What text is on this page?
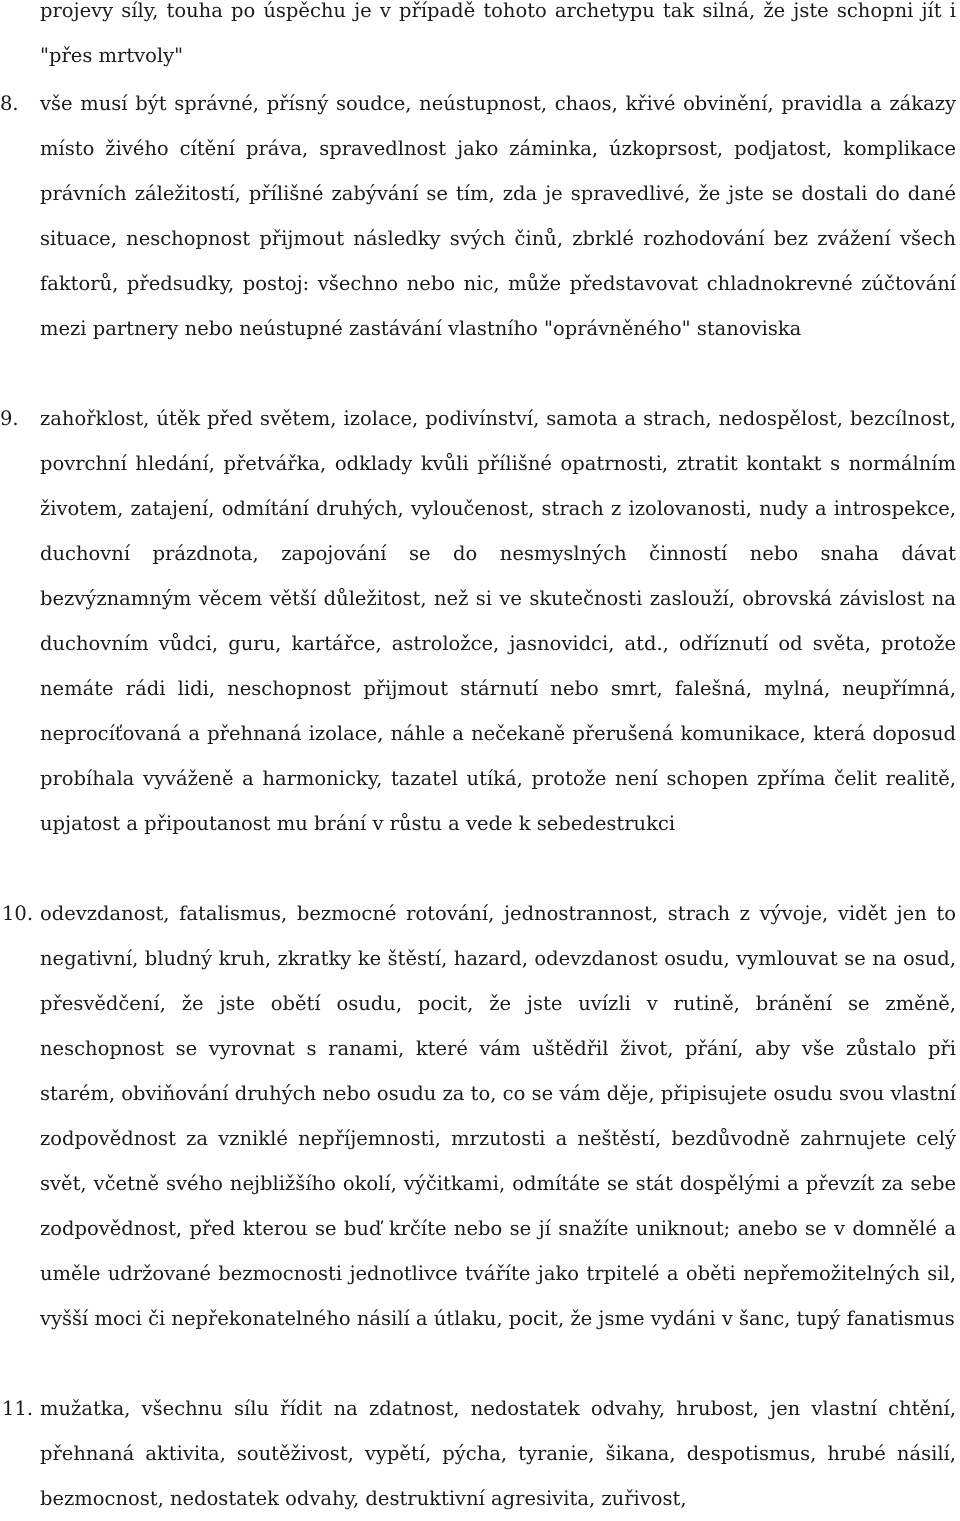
projevy síly, touha po úspěchu je v případě tohoto archetypu tak silná, že jste schopni jít i "přes mrtvoly"

8.	vše musí být správné, přísný soudce, neústupnost, chaos, křivé obvinění, pravidla a zákazy místo živého cítění práva, spravedlnost jako záminka, úzkoprsost, podjatost, komplikace právních záležitostí, přílišné zabývání se tím, zda je spravedlivé, že jste se dostali do dané situace, neschopnost přijmout následky svých činů, zbrklé rozhodování bez zvážení všech faktorů, předsudky, postoj: všechno nebo nic, může představovat chladnokrevné zúčtování mezi partnery nebo neústupné zastávání vlastního "oprávněného" stanoviska

9.	zahořklost, útěk před světem, izolace, podivínství, samota a strach, nedospělost, bezcílnost, povrchní hledání, přetvářka, odklady kvůli přílišné opatrnosti, ztratit kontakt s normálním životem, zatajení, odmítání druhých, vyloučenost, strach z izolovanosti, nudy a introspekce, duchovní prázdnota, zapojování se do nesmyslných činností nebo snaha dávat bezvýznamným věcem větší důležitost, než si ve skutečnosti zaslouží, obrovská závislost na duchovním vůdci, guru, kartářce, astroložce, jasnovidci, atd., odříznutí od světa, protože nemáte rádi lidi, neschopnost přijmout stárnutí nebo smrt, falešná, mylná, neupřímná, neprocíťovaná a přehnaná izolace, náhle a nečekaně přerušená komunikace, která doposud probíhala vyváženě a harmonicky, tazatel utíká, protože není schopen zpříma čelit realitě, upjatost a připoutanost mu brání v růstu a vede k sebedestrukci

10. odevzdanost, fatalismus, bezmocné rotování, jednostrannost, strach z vývoje, vidět jen to negativní, bludný kruh, zkratky ke štěstí, hazard, odevzdanost osudu, vymlouvat se na osud, přesvědčení, že jste obětí osudu, pocit, že jste uvízli v rutině, bránění se změně, neschopnost se vyrovnat s ranami, které vám uštědřil život, přání, aby vše zůstalo při starém, obviňování druhých nebo osudu za to, co se vám děje, připisujete osudu svou vlastní zodpovědnost za vzniklé nepříjemnosti, mrzutosti a neštěstí, bezdůvodně zahrnujete celý svět, včetně svého nejbližšího okolí, výčitkami, odmítáte se stát dospělými a převzít za sebe zodpovědnost, před kterou se buď krčíte nebo se jí snažíte uniknout; anebo se v domnělé a uměle udržované bezmocnosti jednotlivce tváříte jako trpitelé a oběti nepřemožitelných sil, vyšší moci či nepřekonatelného násilí a útlaku, pocit, že jsme vydáni v šanc, tupý fanatismus

11. mužatka, všechnu sílu řídit na zdatnost, nedostatek odvahy, hrubost, jen vlastní chtění, přehnaná aktivita, soutěživost, vypětí, pýcha, tyranie, šikana, despotismus, hrubé násilí, bezmocnost, nedostatek odvahy, destruktivní agresivita, zuřivost,
